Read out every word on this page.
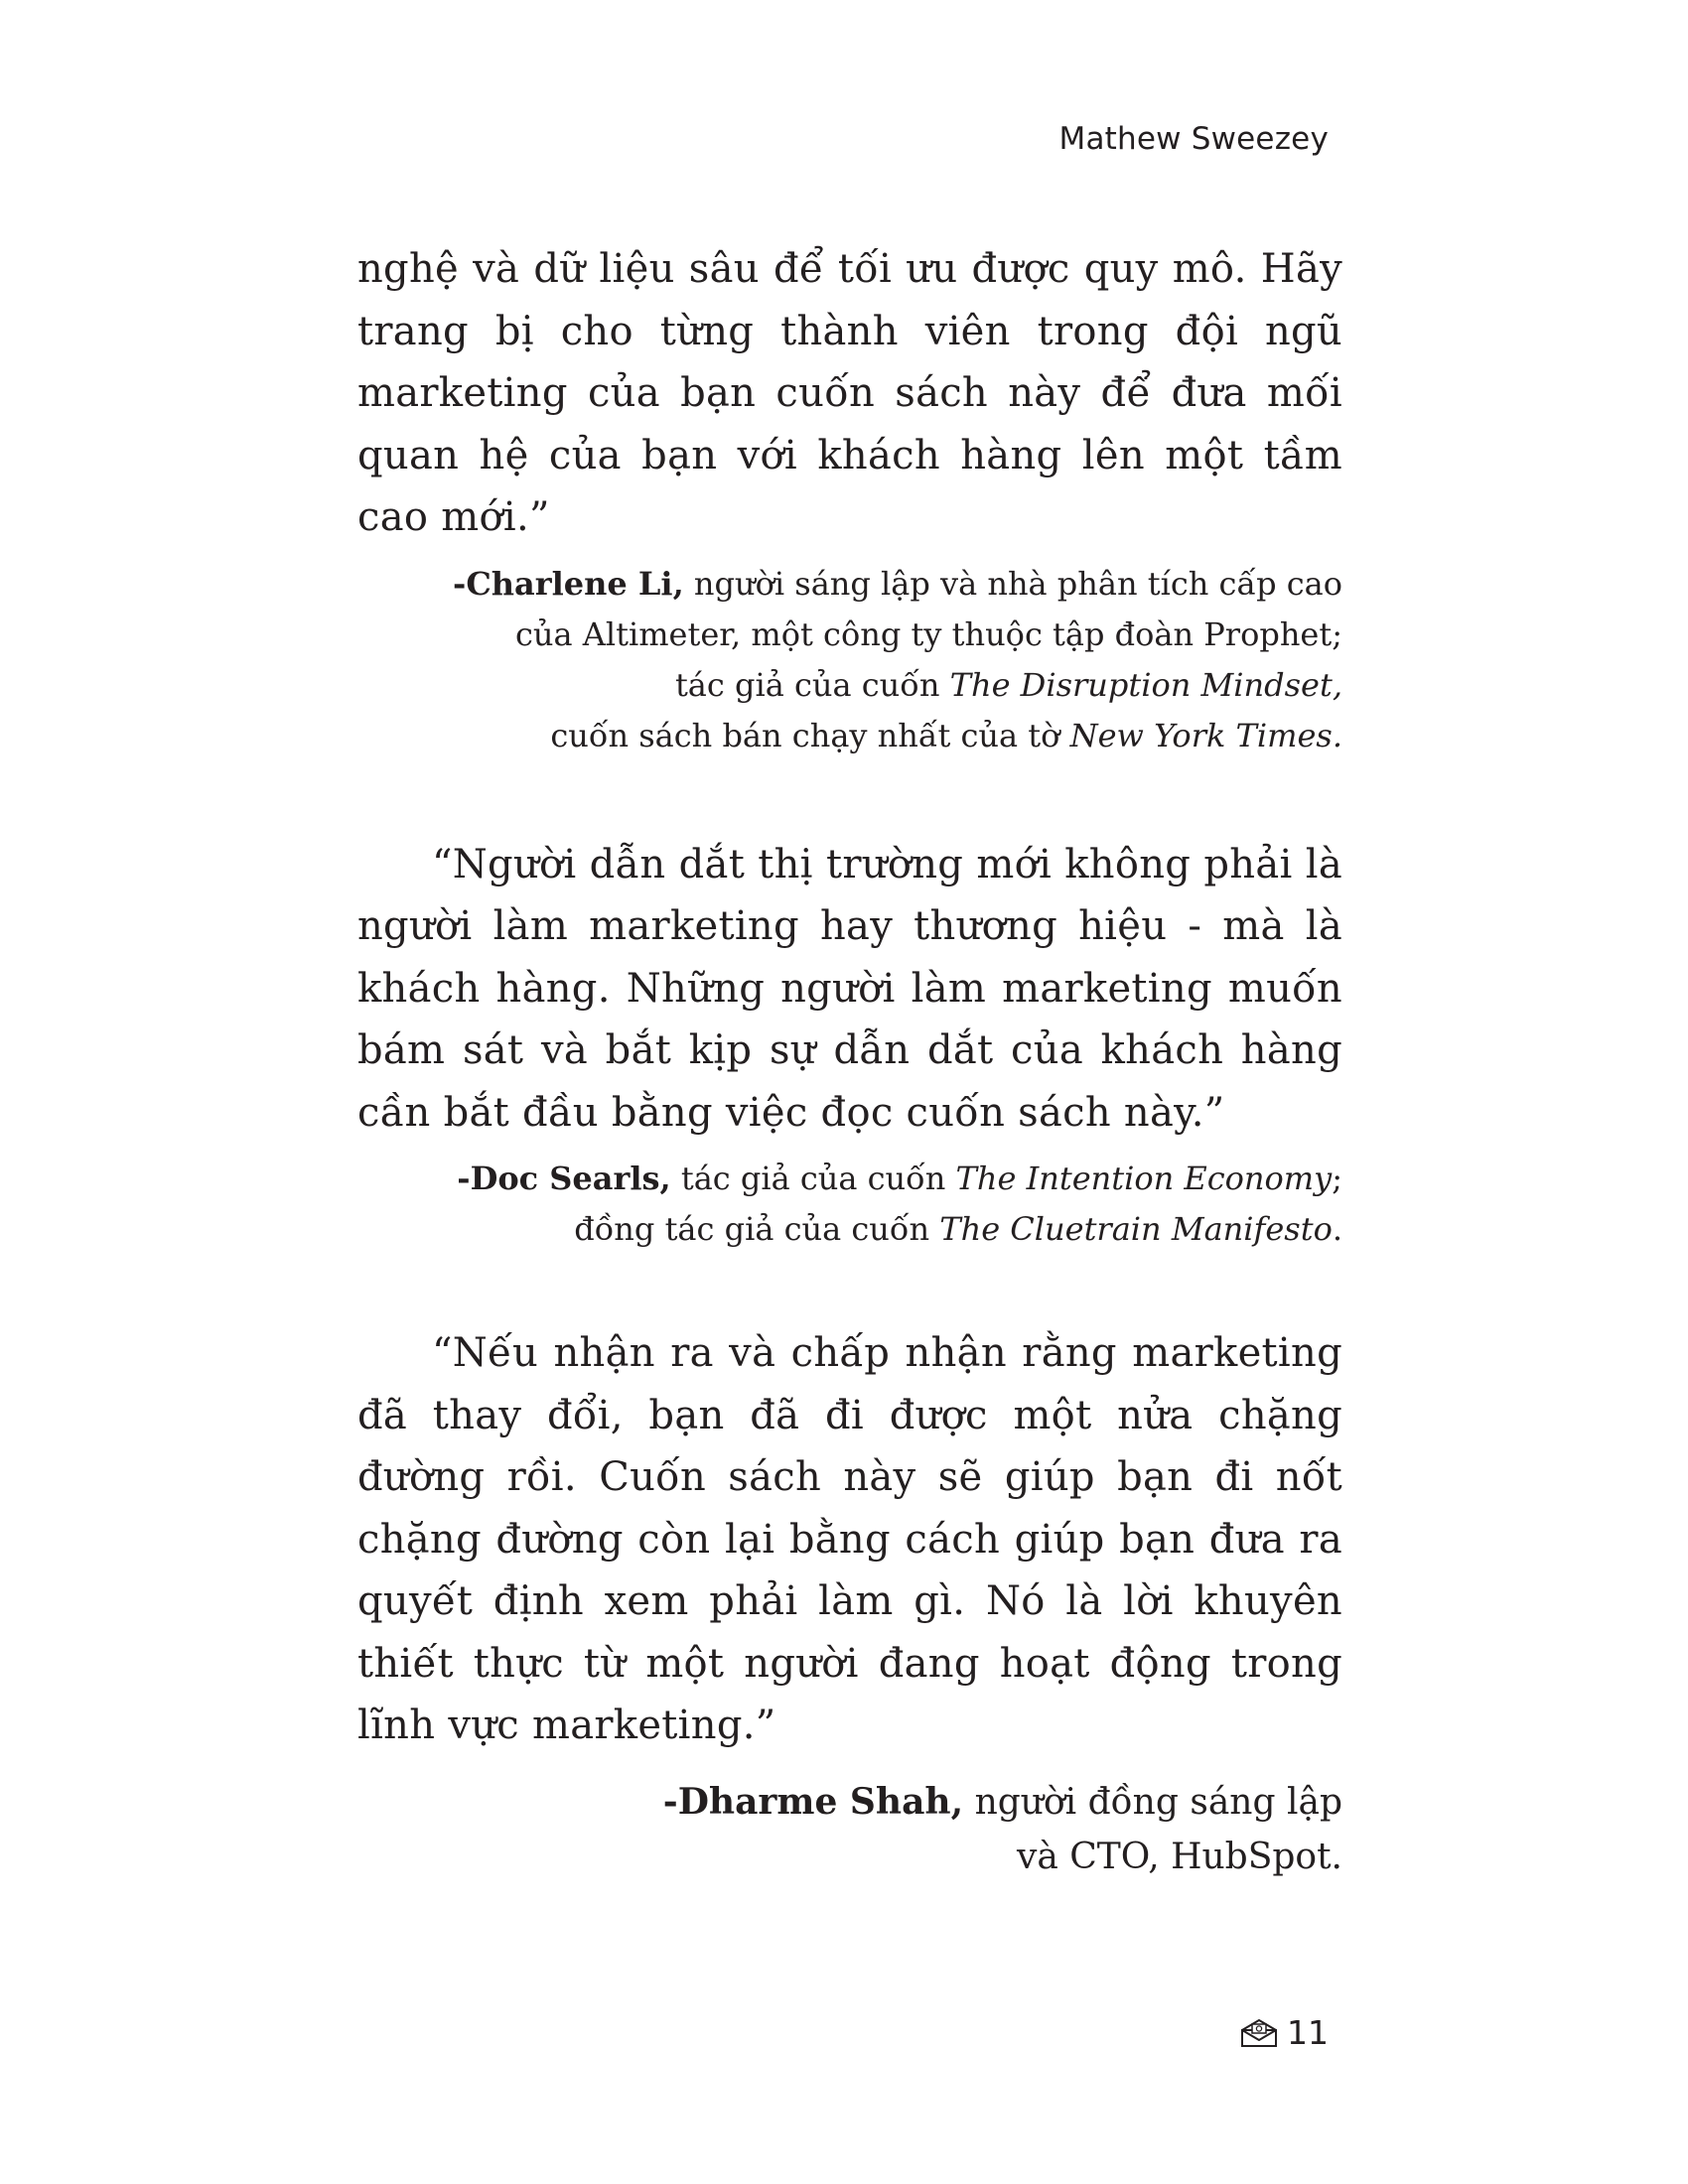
Mathew Sweezey

nghệ và dữ liệu sâu để tối ưu được quy mô. Hãy trang bị cho từng thành viên trong đội ngũ marketing của bạn cuốn sách này để đưa mối quan hệ của bạn với khách hàng lên một tầm cao mới.”

-Charlene Li, người sáng lập và nhà phân tích cấp cao
của Altimeter, một công ty thuộc tập đoàn Prophet;
tác giả của cuốn The Disruption Mindset,
cuốn sách bán chạy nhất của tờ New York Times.

“Người dẫn dắt thị trường mới không phải là người làm marketing hay thương hiệu - mà là khách hàng. Những người làm marketing muốn bám sát và bắt kịp sự dẫn dắt của khách hàng cần bắt đầu bằng việc đọc cuốn sách này.”

-Doc Searls, tác giả của cuốn The Intention Economy;
đồng tác giả của cuốn The Cluetrain Manifesto.

“Nếu nhận ra và chấp nhận rằng marketing đã thay đổi, bạn đã đi được một nửa chặng đường rồi. Cuốn sách này sẽ giúp bạn đi nốt chặng đường còn lại bằng cách giúp bạn đưa ra quyết định xem phải làm gì. Nó là lời khuyên thiết thực từ một người đang hoạt động trong lĩnh vực marketing.”

-Dharme Shah, người đồng sáng lập
và CTO, HubSpot.
11
